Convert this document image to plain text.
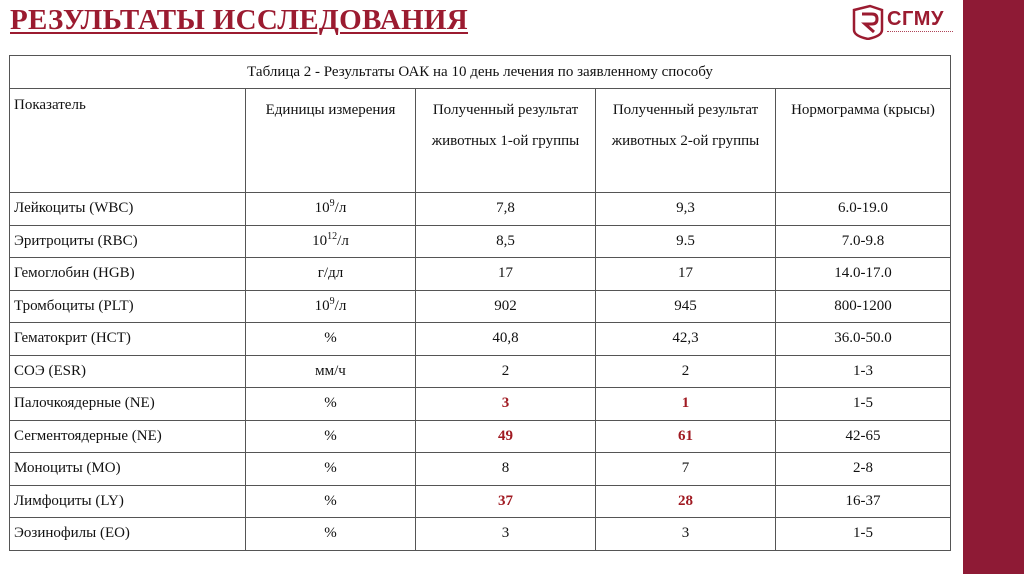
РЕЗУЛЬТАТЫ ИССЛЕДОВАНИЯ	СГМУ
Таблица 2 - Результаты ОАК на 10 день лечения по заявленному способу				
Показатель	Единицы измерения	Полученный результат животных 1-ой группы	Полученный результат животных 2-ой группы	Нормограмма (крысы)
Лейкоциты (WBC)	$10^9/л$	7,8	9,3	6.0-19.0
Эритроциты (RBC)	$10^{12}/л$	8,5	9.5	7.0-9.8
Гемоглобин (HGB)	г/дл	17	17	14.0-17.0
Тромбоциты (PLT)	$10^9/л$	902	945	800-1200
Гематокрит (HCT)	%	40,8	42,3	36.0-50.0
СОЭ (ESR)	мм/ч	2	2	1-3
Палочкоядерные (NE)	%	3	1	1-5
Сегментоядерные (NE)	%	49	61	42-65
Моноциты (MO)	%	8	7	2-8
Лимфоциты (LY)	%	37	28	16-37
Эозинофилы (EO)	%	3	3	1-5
